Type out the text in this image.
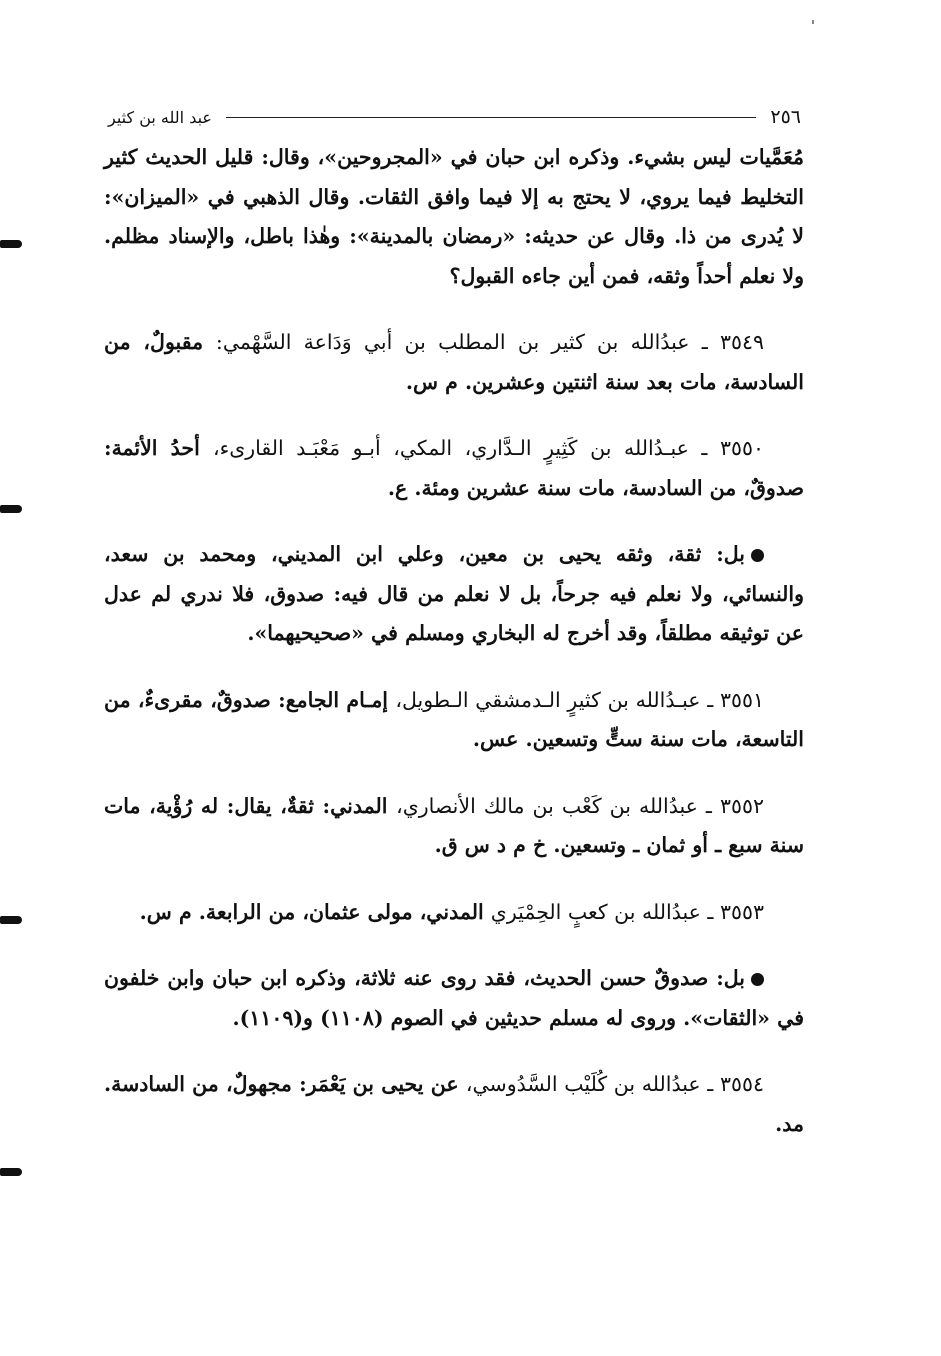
٢٥٦
عبد الله بن كثير

مُعَمَّيات ليس بشيء. وذكره ابن حبان في «المجروحين»، وقال: قليل الحديث كثير التخليط فيما يروي، لا يحتج به إلا فيما وافق الثقات. وقال الذهبي في «الميزان»: لا يُدرى من ذا. وقال عن حديثه: «رمضان بالمدينة»: وهٰذا باطل، والإسناد مظلم. ولا نعلم أحداً وثقه، فمن أين جاءه القبول؟

٣٥٤٩ ـ عبدُالله بن كثير بن المطلب بن أبي وَدَاعة السَّهْمي: مقبولٌ، من السادسة، مات بعد سنة اثنتين وعشرين. م س.

٣٥٥٠ ـ عبـدُالله بن كَثِيرٍ الـدَّاري، المكي، أبـو مَعْبَـد القارىء، أحدُ الأئمة: صدوقٌ، من السادسة، مات سنة عشرين ومئة. ع.

بل: ثقة، وثقه يحيى بن معين، وعلي ابن المديني، ومحمد بن سعد، والنسائي، ولا نعلم فيه جرحاً، بل لا نعلم من قال فيه: صدوق، فلا ندري لم عدل عن توثيقه مطلقاً، وقد أخرج له البخاري ومسلم في «صحيحيهما».

٣٥٥١ ـ عبـدُالله بن كثيرٍ الـدمشقي الـطويل، إمـام الجامع: صدوقٌ، مقرىءٌ، من التاسعة، مات سنة ستٍّ وتسعين. عس.

٣٥٥٢ ـ عبدُالله بن كَعْب بن مالك الأنصاري، المدني: ثقةٌ، يقال: له رُؤْية، مات سنة سبع ـ أو ثمان ـ وتسعين. خ م د س ق.

٣٥٥٣ ـ عبدُالله بن كعبٍ الحِمْيَري المدني، مولى عثمان، من الرابعة. م س.

بل: صدوقٌ حسن الحديث، فقد روى عنه ثلاثة، وذكره ابن حبان وابن خلفون في «الثقات». وروى له مسلم حديثين في الصوم (١١٠٨) و(١١٠٩).

٣٥٥٤ ـ عبدُالله بن كُلَيْب السَّدُوسي، عن يحيى بن يَعْمَر: مجهولٌ، من السادسة. مد.
